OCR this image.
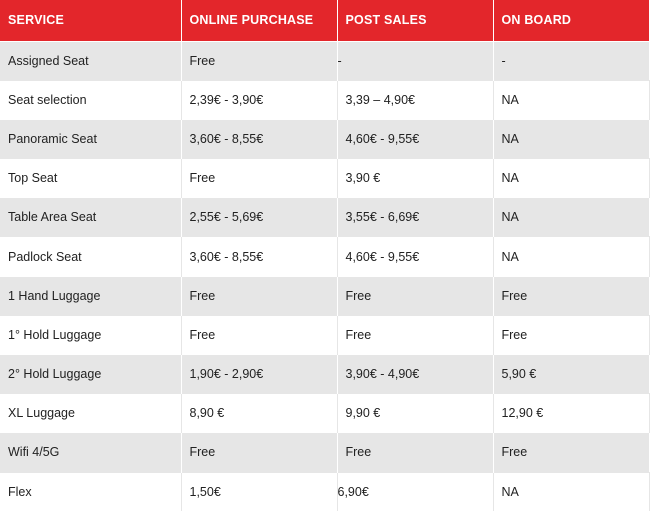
SERVICE	ONLINE PURCHASE	POST SALES	ON BOARD
Assigned Seat	Free	-	-
Seat selection	2,39€ - 3,90€	3,39 – 4,90€	NA
Panoramic Seat	3,60€ - 8,55€	4,60€ - 9,55€	NA
Top Seat	Free	3,90 €	NA
Table Area Seat	2,55€ - 5,69€	3,55€ - 6,69€	NA
Padlock Seat	3,60€ - 8,55€	4,60€ - 9,55€	NA
1 Hand Luggage	Free	Free	Free
1° Hold Luggage	Free	Free	Free
2° Hold Luggage	1,90€ - 2,90€	3,90€ - 4,90€	5,90 €
XL Luggage	8,90 €	9,90 €	12,90 €
Wifi 4/5G	Free	Free	Free
Flex	1,50€	6,90€	NA
